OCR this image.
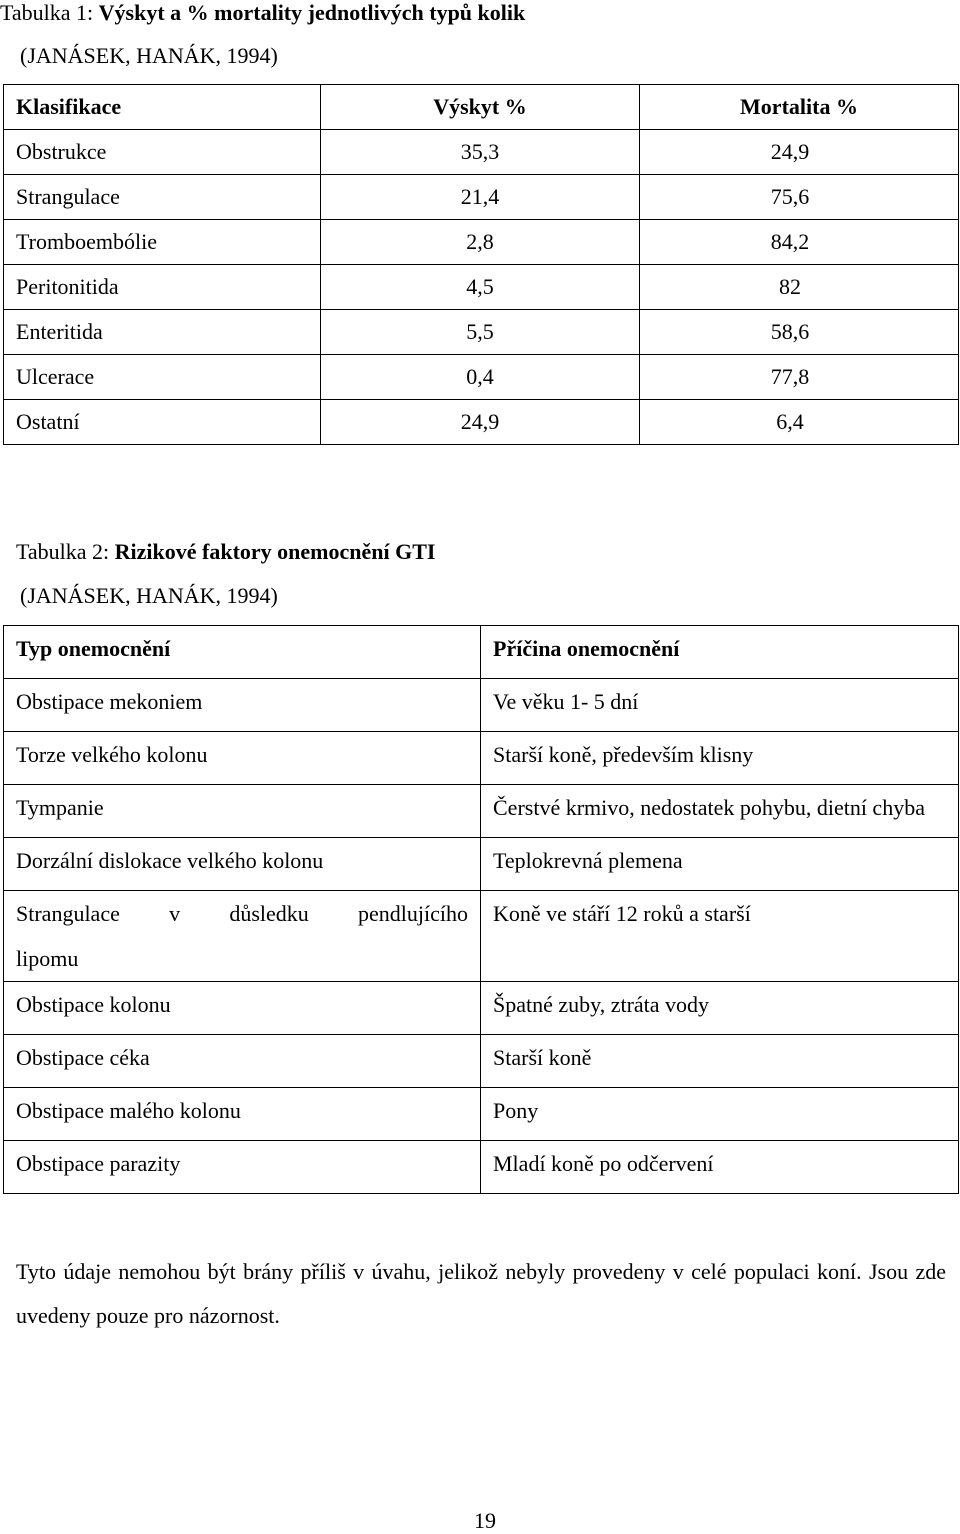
Tabulka 1: Výskyt a % mortality jednotlivých typů kolik
(JANÁSEK, HANÁK, 1994)
Klasifikace	Výskyt %	Mortalita %
Obstrukce	35,3	24,9
Strangulace	21,4	75,6
Tromboembólie	2,8	84,2
Peritonitida	4,5	82
Enteritida	5,5	58,6
Ulcerace	0,4	77,8
Ostatní	24,9	6,4
Tabulka 2: Rizikové faktory onemocnění GTI
(JANÁSEK, HANÁK, 1994)
Typ onemocnění	Příčina onemocnění

Obstipace mekoniem	Ve věku 1- 5 dní

Torze velkého kolonu	Starší koně, především klisny

Tympanie	Čerstvé krmivo, nedostatek pohybu, dietní chyba

Dorzální dislokace velkého kolonu	Teplokrevná plemena

Strangulace v důsledku pendlujícího lipomu	Koně ve stáří 12 roků a starší

Obstipace kolonu	Špatné zuby, ztráta vody

Obstipace céka	Starší koně

Obstipace malého kolonu	Pony

Obstipace parazity	Mladí koně po odčervení
Tyto údaje nemohou být brány příliš v úvahu, jelikož nebyly provedeny v celé populaci koní. Jsou zde uvedeny pouze pro názornost.
19
